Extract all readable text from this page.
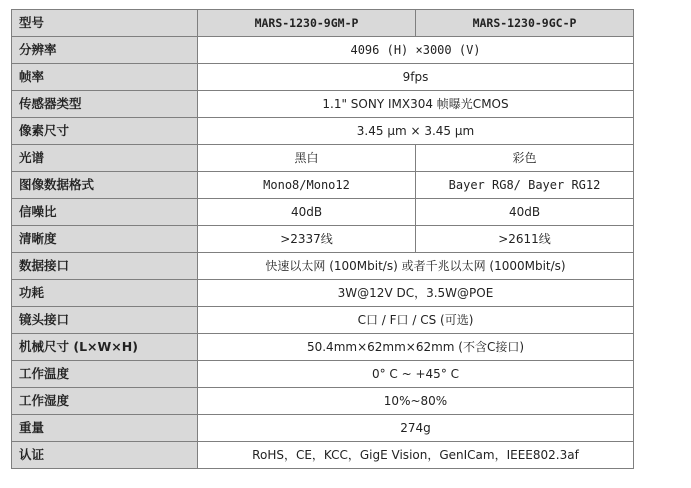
型号	MARS-1230-9GM-P	MARS-1230-9GC-P
分辨率	4096 (H) ×3000 (V)	
帧率	9fps	
传感器类型	1.1" SONY IMX304 帧曝光CMOS	
像素尺寸	3.45 μm × 3.45 μm	
光谱	黑白	彩色
图像数据格式	Mono8/Mono12	Bayer RG8/ Bayer RG12
信噪比	40dB	40dB
清晰度	>2337线	>2611线
数据接口	快速以太网 (100Mbit/s) 或者千兆以太网 (1000Mbit/s)	
功耗	3W@12V DC，3.5W@POE	
镜头接口	C口 / F口 / CS (可选)	
机械尺寸 (L×W×H)	50.4mm×62mm×62mm (不含C接口)	
工作温度	0° C ~ +45° C	
工作湿度	10%~80%	
重量	274g	
认证	RoHS，CE，KCC，GigE Vision，GenICam，IEEE802.3af	
